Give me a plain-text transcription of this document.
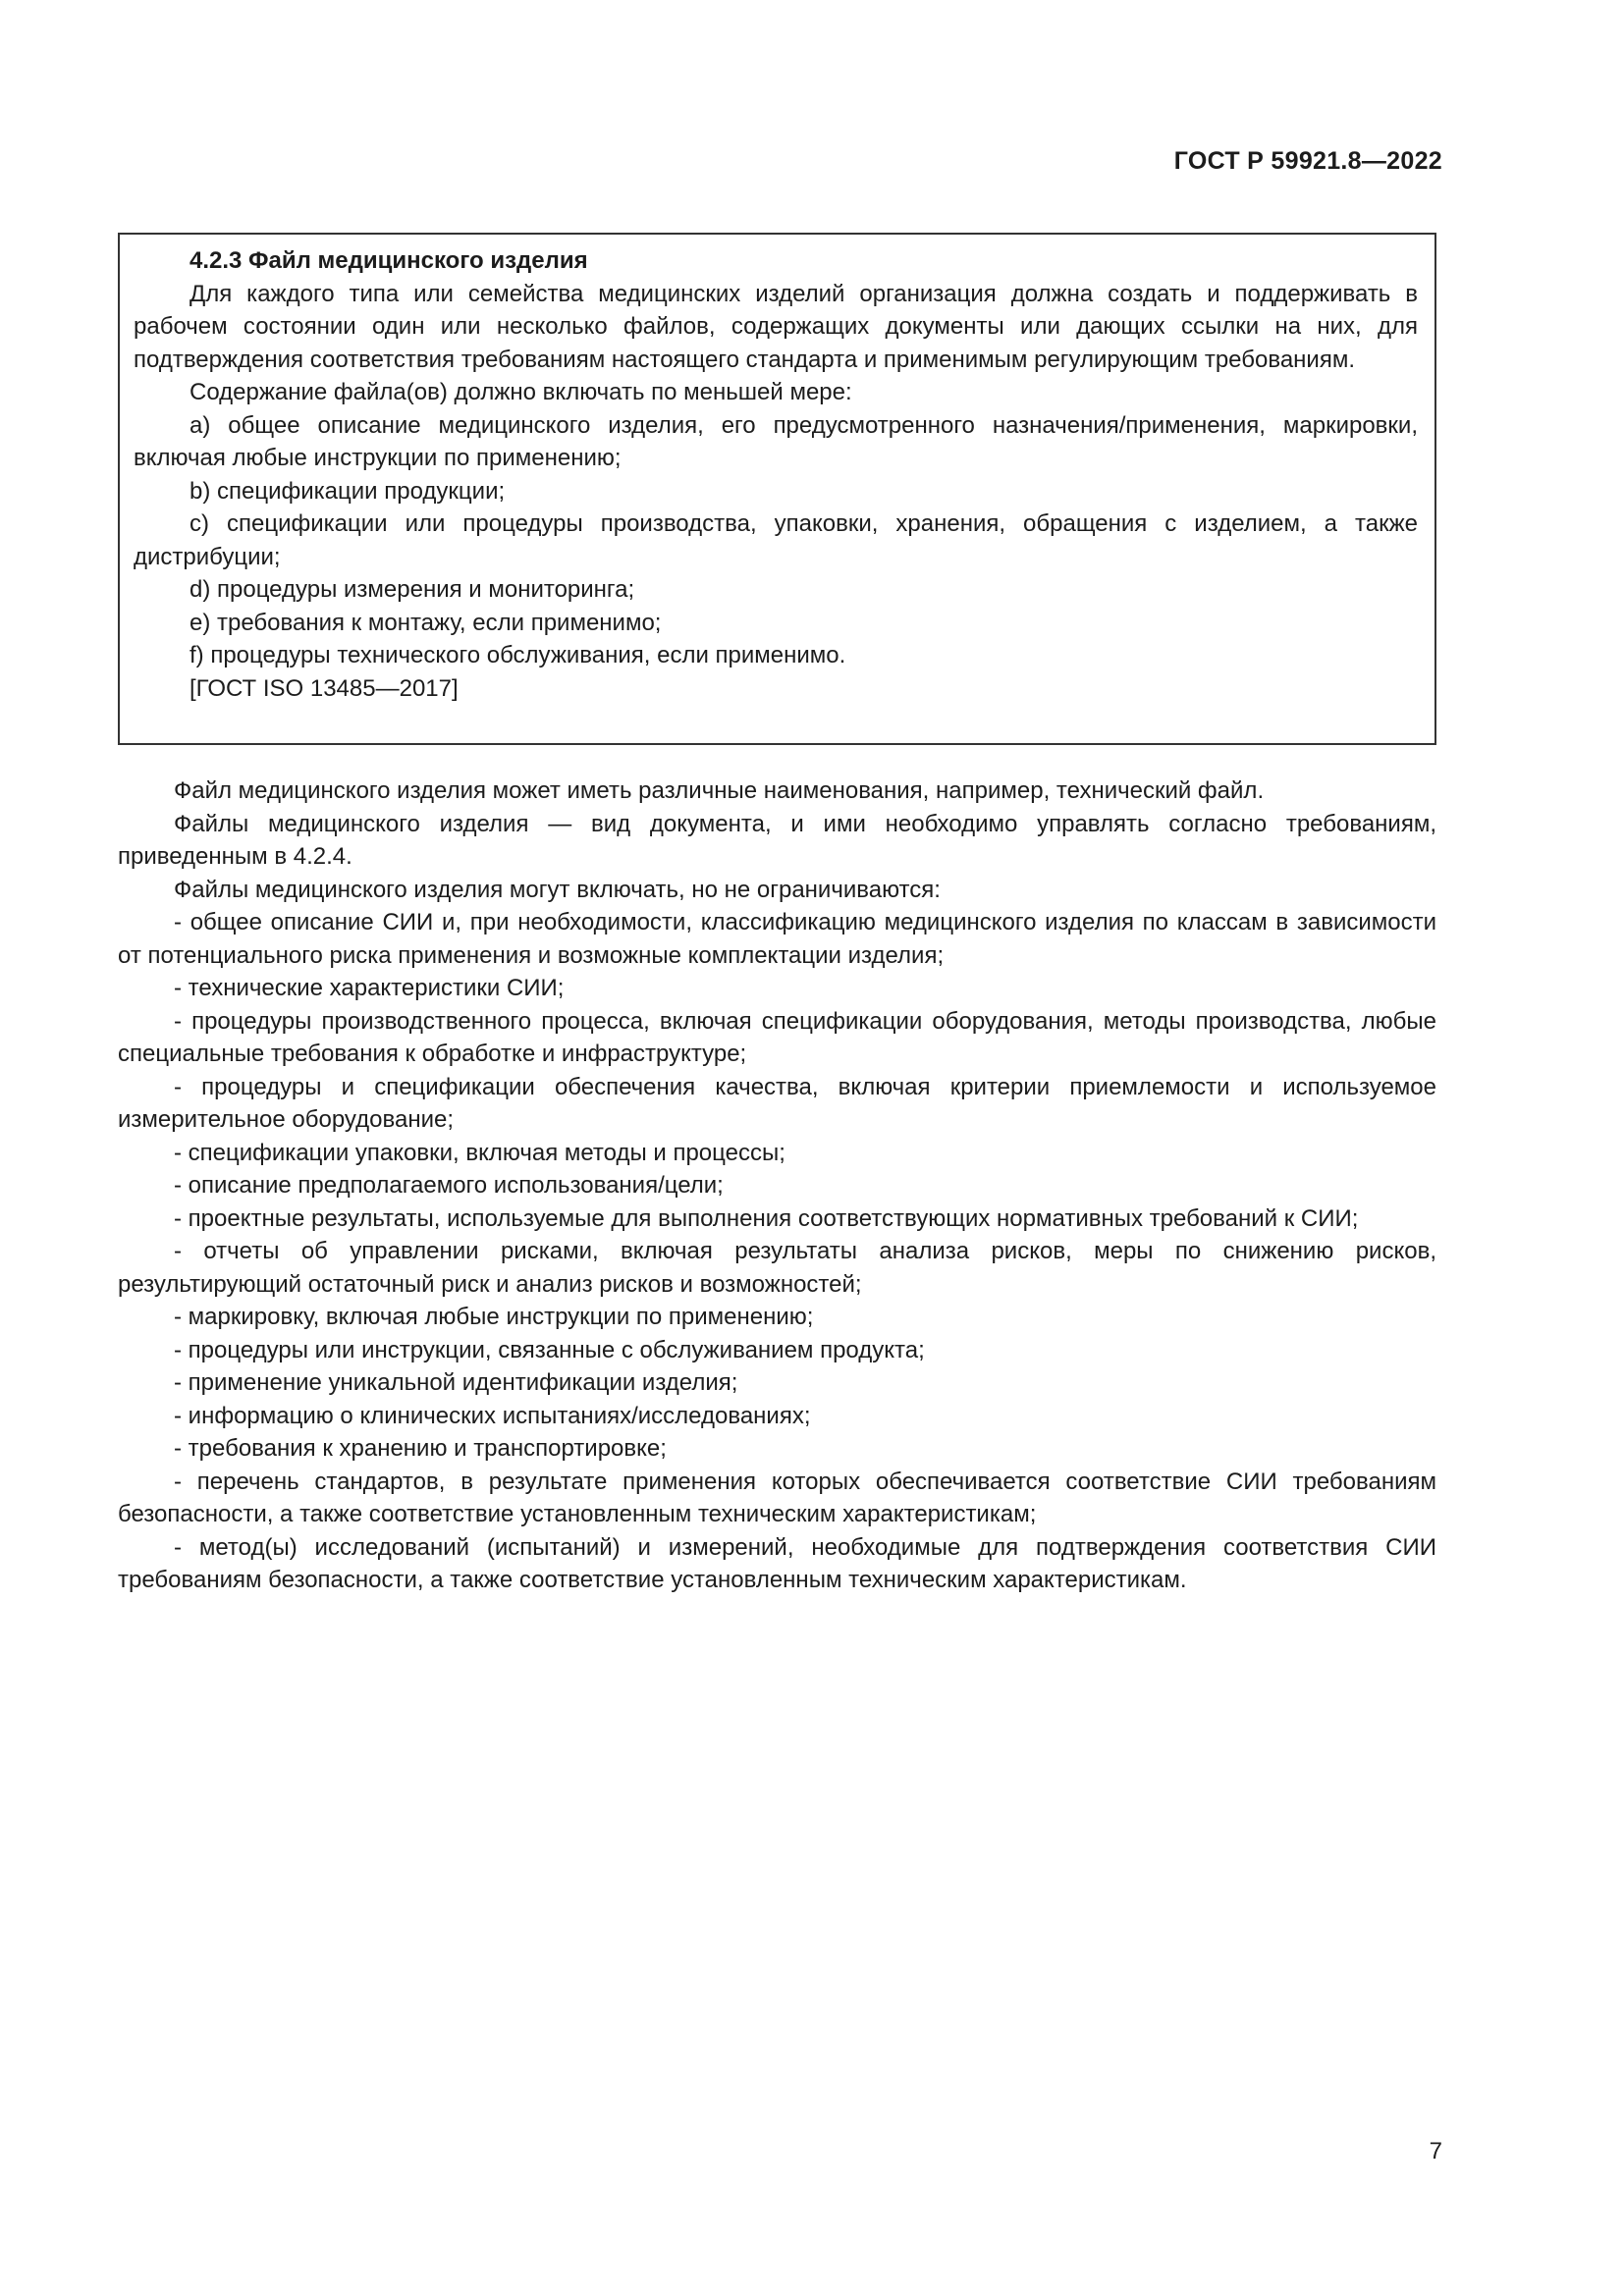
ГОСТ Р 59921.8—2022

4.2.3 Файл медицинского изделия

Для каждого типа или семейства медицинских изделий организация должна создать и поддерживать в рабочем состоянии один или несколько файлов, содержащих документы или дающих ссылки на них, для подтверждения соответствия требованиям настоящего стандарта и применимым регулирующим требованиям.

Содержание файла(ов) должно включать по меньшей мере:

a) общее описание медицинского изделия, его предусмотренного назначения/применения, маркировки, включая любые инструкции по применению;

b) спецификации продукции;

c) спецификации или процедуры производства, упаковки, хранения, обращения с изделием, а также дистрибуции;

d) процедуры измерения и мониторинга;

e) требования к монтажу, если применимо;

f) процедуры технического обслуживания, если применимо.

[ГОСТ ISO 13485—2017]

Файл медицинского изделия может иметь различные наименования, например, технический файл.

Файлы медицинского изделия — вид документа, и ими необходимо управлять согласно требованиям, приведенным в 4.2.4.

Файлы медицинского изделия могут включать, но не ограничиваются:

- общее описание СИИ и, при необходимости, классификацию медицинского изделия по классам в зависимости от потенциального риска применения и возможные комплектации изделия;

- технические характеристики СИИ;

- процедуры производственного процесса, включая спецификации оборудования, методы производства, любые специальные требования к обработке и инфраструктуре;

- процедуры и спецификации обеспечения качества, включая критерии приемлемости и используемое измерительное оборудование;

- спецификации упаковки, включая методы и процессы;

- описание предполагаемого использования/цели;

- проектные результаты, используемые для выполнения соответствующих нормативных требований к СИИ;

- отчеты об управлении рисками, включая результаты анализа рисков, меры по снижению рисков, результирующий остаточный риск и анализ рисков и возможностей;

- маркировку, включая любые инструкции по применению;

- процедуры или инструкции, связанные с обслуживанием продукта;

- применение уникальной идентификации изделия;

- информацию о клинических испытаниях/исследованиях;

- требования к хранению и транспортировке;

- перечень стандартов, в результате применения которых обеспечивается соответствие СИИ требованиям безопасности, а также соответствие установленным техническим характеристикам;

- метод(ы) исследований (испытаний) и измерений, необходимые для подтверждения соответствия СИИ требованиям безопасности, а также соответствие установленным техническим характеристикам.

7
